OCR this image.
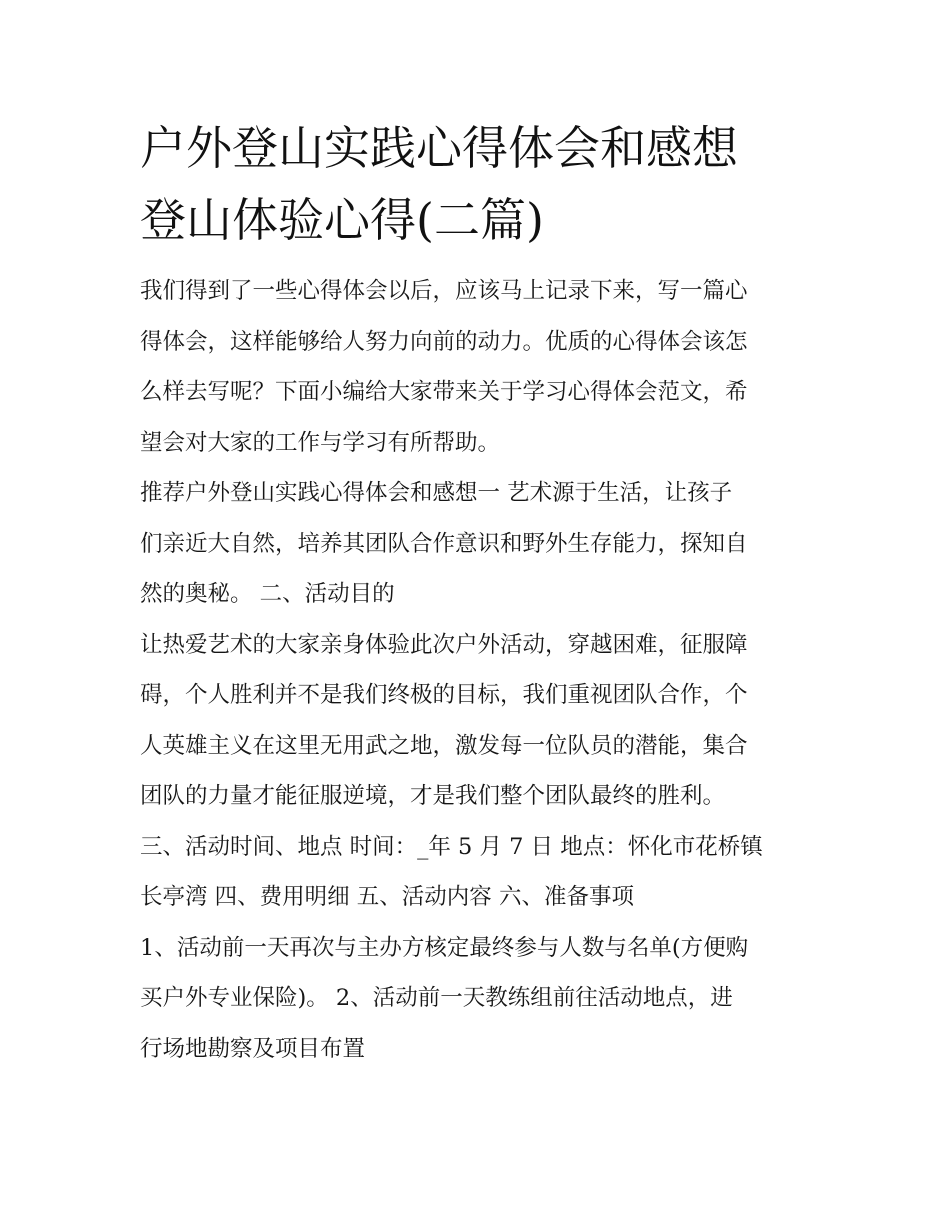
户外登山实践心得体会和感想
登山体验心得(二篇)

我们得到了一些心得体会以后，应该马上记录下来，写一篇心
得体会，这样能够给人努力向前的动力。优质的心得体会该怎
么样去写呢？下面小编给大家带来关于学习心得体会范文，希
望会对大家的工作与学习有所帮助。

推荐户外登山实践心得体会和感想一 艺术源于生活，让孩子
们亲近大自然，培养其团队合作意识和野外生存能力，探知自
然的奥秘。 二、活动目的

让热爱艺术的大家亲身体验此次户外活动，穿越困难，征服障
碍，个人胜利并不是我们终极的目标，我们重视团队合作，个
人英雄主义在这里无用武之地，激发每一位队员的潜能，集合
团队的力量才能征服逆境，才是我们整个团队最终的胜利。

三、活动时间、地点 时间：_年 5 月 7 日 地点：怀化市花桥镇
长亭湾 四、费用明细 五、活动内容 六、准备事项

1、活动前一天再次与主办方核定最终参与人数与名单(方便购
买户外专业保险)。 2、活动前一天教练组前往活动地点，进
行场地勘察及项目布置
